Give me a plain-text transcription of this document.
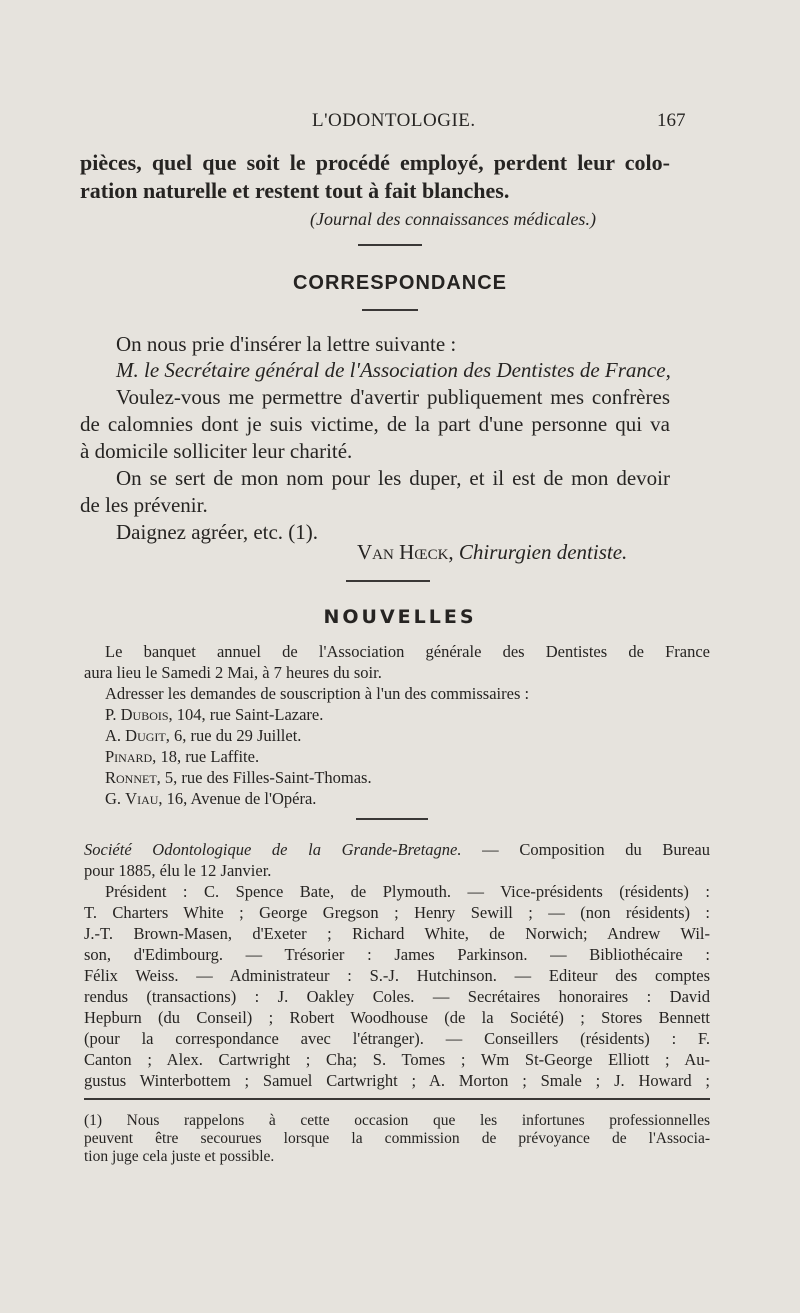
L'ODONTOLOGIE.	167
pièces, quel que soit le procédé employé, perdent leur colo-
ration naturelle et restent tout à fait blanches.
(Journal des connaissances médicales.)
CORRESPONDANCE
On nous prie d'insérer la lettre suivante :
M. le Secrétaire général de l'Association des Dentistes de France,
Voulez-vous me permettre d'avertir publiquement mes confrères
de calomnies dont je suis victime, de la part d'une personne qui va
à domicile solliciter leur charité.
On se sert de mon nom pour les duper, et il est de mon devoir
de les prévenir.
Daignez agréer, etc. (1).
Van Hœck, Chirurgien dentiste.
NOUVELLES
Le banquet annuel de l'Association générale des Dentistes de France
aura lieu le Samedi 2 Mai, à 7 heures du soir.
Adresser les demandes de souscription à l'un des commissaires :
P. Dubois, 104, rue Saint-Lazare.
A. Dugit, 6, rue du 29 Juillet.
Pinard, 18, rue Laffite.
Ronnet, 5, rue des Filles-Saint-Thomas.
G. Viau, 16, Avenue de l'Opéra.
Société Odontologique de la Grande-Bretagne. — Composition du Bureau
pour 1885, élu le 12 Janvier.
Président : C. Spence Bate, de Plymouth. — Vice-présidents (résidents) :
T. Charters White ; George Gregson ; Henry Sewill ; — (non résidents) :
J.-T. Brown-Masen, d'Exeter ; Richard White, de Norwich; Andrew Wil-
son, d'Edimbourg. — Trésorier : James Parkinson. — Bibliothécaire :
Félix Weiss. — Administrateur : S.-J. Hutchinson. — Editeur des comptes
rendus (transactions) : J. Oakley Coles. — Secrétaires honoraires : David
Hepburn (du Conseil) ; Robert Woodhouse (de la Société) ; Stores Bennett
(pour la correspondance avec l'étranger). — Conseillers (résidents) : F.
Canton ; Alex. Cartwright ; Cha; S. Tomes ; Wm St-George Elliott ; Au-
gustus Winterbottem ; Samuel Cartwright ; A. Morton ; Smale ; J. Howard ;
(1) Nous rappelons à cette occasion que les infortunes professionnelles
peuvent être secourues lorsque la commission de prévoyance de l'Associa-
tion juge cela juste et possible.
